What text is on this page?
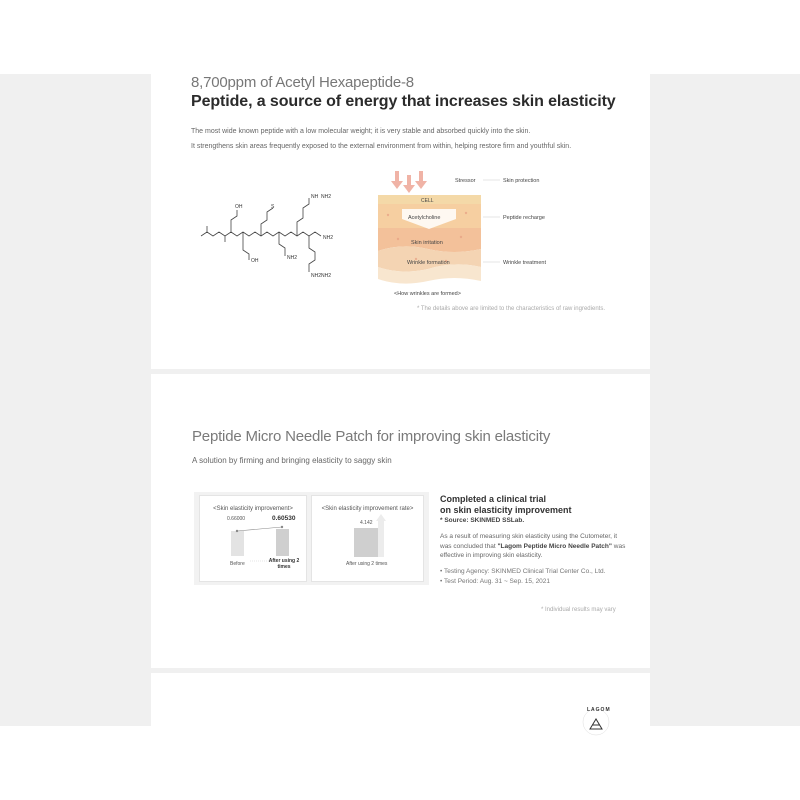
8,700ppm of Acetyl Hexapeptide-8
Peptide, a source of energy that increases skin elasticity
The most wide known peptide with a low molecular weight; it is very stable and absorbed quickly into the skin.
It strengthens skin areas frequently exposed to the external environment from within, helping restore firm and youthful skin.
OH
OH
S
NH NH2
NH2
NH2
NH2 NH2
Stressor	Skin protection
CELL
Acetylcholine	Peptide recharge
Skin irritation
Wrinkle formation	Wrinkle treatment
<How wrinkles are formed>
* The details above are limited to the characteristics of raw ingredients.
Peptide Micro Needle Patch for improving skin elasticity
A solution by firming and bringing elasticity to saggy skin
<Skin elasticity improvement>
0.66000	0.60530
Before	After using 2 times
<Skin elasticity improvement rate>
4.142
After using 2 times
Completed a clinical trial
on skin elasticity improvement
* Source: SKINMED SSLab.
As a result of measuring skin elasticity using the Cutometer, it was concluded that "Lagom Peptide Micro Needle Patch" was effective in improving skin elasticity.
• Testing Agency: SKINMED Clinical Trial Center Co., Ltd.
• Test Period: Aug. 31 ~ Sep. 15, 2021
* Individual results may vary
LAGOM
